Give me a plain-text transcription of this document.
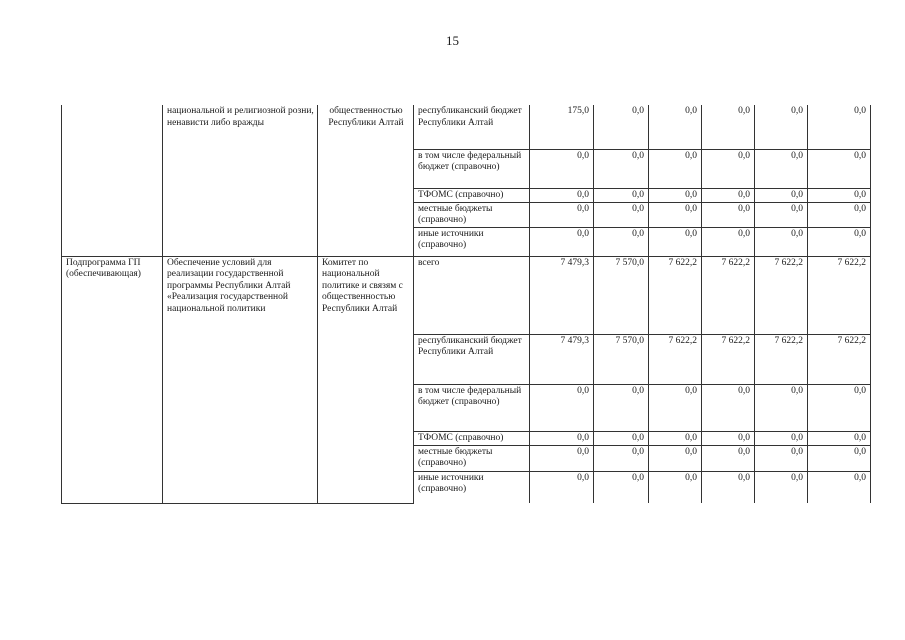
15
	национальной и религиозной розни, ненависти либо вражды	общественностью Республики Алтай	республиканский бюджет Республики Алтай	175,0	0,0	0,0	0,0	0,0	0,0
			в том числе федеральный бюджет (справочно)	0,0	0,0	0,0	0,0	0,0	0,0
			ТФОМС (справочно)	0,0	0,0	0,0	0,0	0,0	0,0
			местные бюджеты (справочно)	0,0	0,0	0,0	0,0	0,0	0,0
			иные источники (справочно)	0,0	0,0	0,0	0,0	0,0	0,0
Подпрограмма ГП (обеспечивающая)	Обеспечение условий для реализации государственной программы Республики Алтай «Реализация государственной национальной политики	Комитет по национальной политике и связям с общественностью Республики Алтай	всего	7 479,3	7 570,0	7 622,2	7 622,2	7 622,2	7 622,2
			республиканский бюджет Республики Алтай	7 479,3	7 570,0	7 622,2	7 622,2	7 622,2	7 622,2
			в том числе федеральный бюджет (справочно)	0,0	0,0	0,0	0,0	0,0	0,0
			ТФОМС (справочно)	0,0	0,0	0,0	0,0	0,0	0,0
			местные бюджеты (справочно)	0,0	0,0	0,0	0,0	0,0	0,0
			иные источники (справочно)	0,0	0,0	0,0	0,0	0,0	0,0
